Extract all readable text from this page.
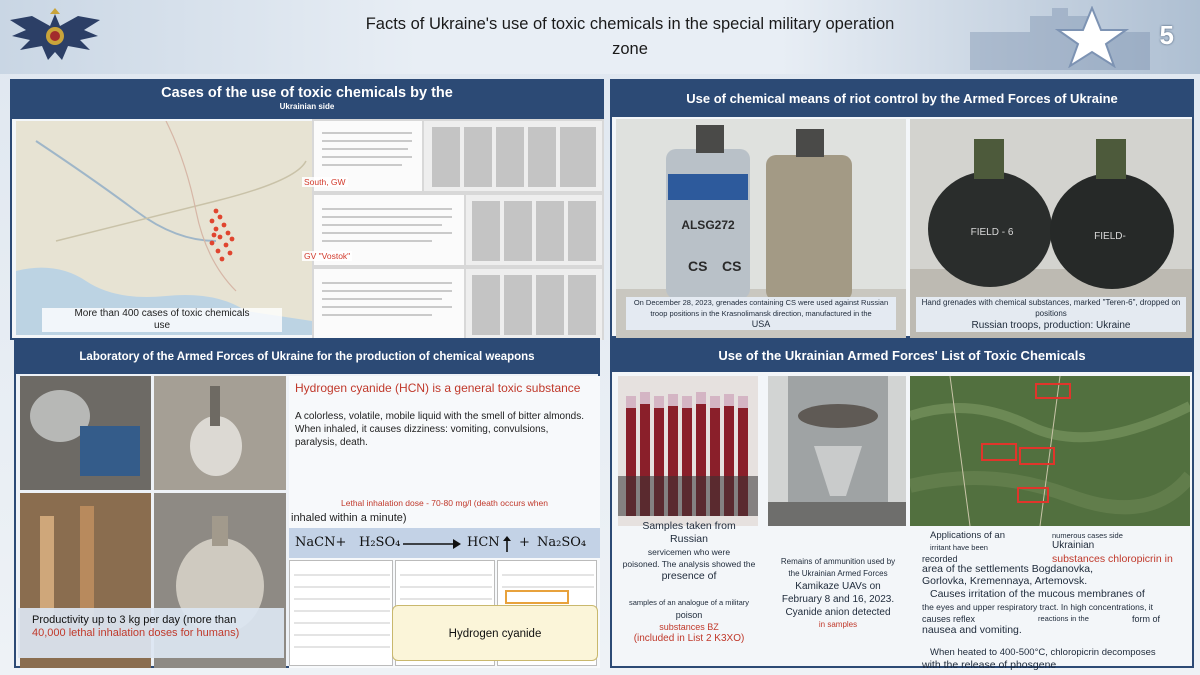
Facts of Ukraine's use of toxic chemicals in the special military operation
zone	5
Cases of the use of toxic chemicals by the
Ukrainian side
More than 400 cases of toxic chemicals
use
South, GW
GV "Vostok"
Use of chemical means of riot control by the Armed Forces of Ukraine
ALSG272
CS CS
On December 28, 2023, grenades containing CS were used against Russian troop positions in the Krasnolimansk direction, manufactured in the
USA
FIELD - 6	FIELD-
Hand grenades with chemical substances, marked "Teren-6", dropped on positions
Russian troops, production: Ukraine
Laboratory of the Armed Forces of Ukraine for the production of chemical weapons
Hydrogen cyanide (HCN) is a general toxic substance
A colorless, volatile, mobile liquid with the smell of bitter almonds. When inhaled, it causes dizziness: vomiting, convulsions, paralysis, death.
Lethal inhalation dose - 70-80 mg/l (death occurs when
inhaled within a minute)
NaCN+ H₂SO₄ → HCN + Na₂SO₄
Productivity up to 3 kg per day (more than
40,000 lethal inhalation doses for humans)	Hydrogen cyanide
Use of the Ukrainian Armed Forces' List of Toxic Chemicals
Samples taken from
Russian
servicemen who were
poisoned. The analysis showed the
presence of
samples of an analogue of a military
poison
substances BZ
(included in List 2 K3XO)
Remains of ammunition used by
the Ukrainian Armed Forces
Kamikaze UAVs on
February 8 and 16, 2023.
Cyanide anion detected
in samples
Applications of an	numerous cases side
irritant have been	Ukrainian
recorded	substances chloropicrin in
area of the settlements Bogdanovka,
Gorlovka, Kremennaya, Artemovsk.
Causes irritation of the mucous membranes of
the eyes and upper respiratory tract. In high concentrations, it
causes reflex	reactions in the	form of
nausea and vomiting.
When heated to 400-500°C, chloropicrin decomposes
with the release of phosgene
